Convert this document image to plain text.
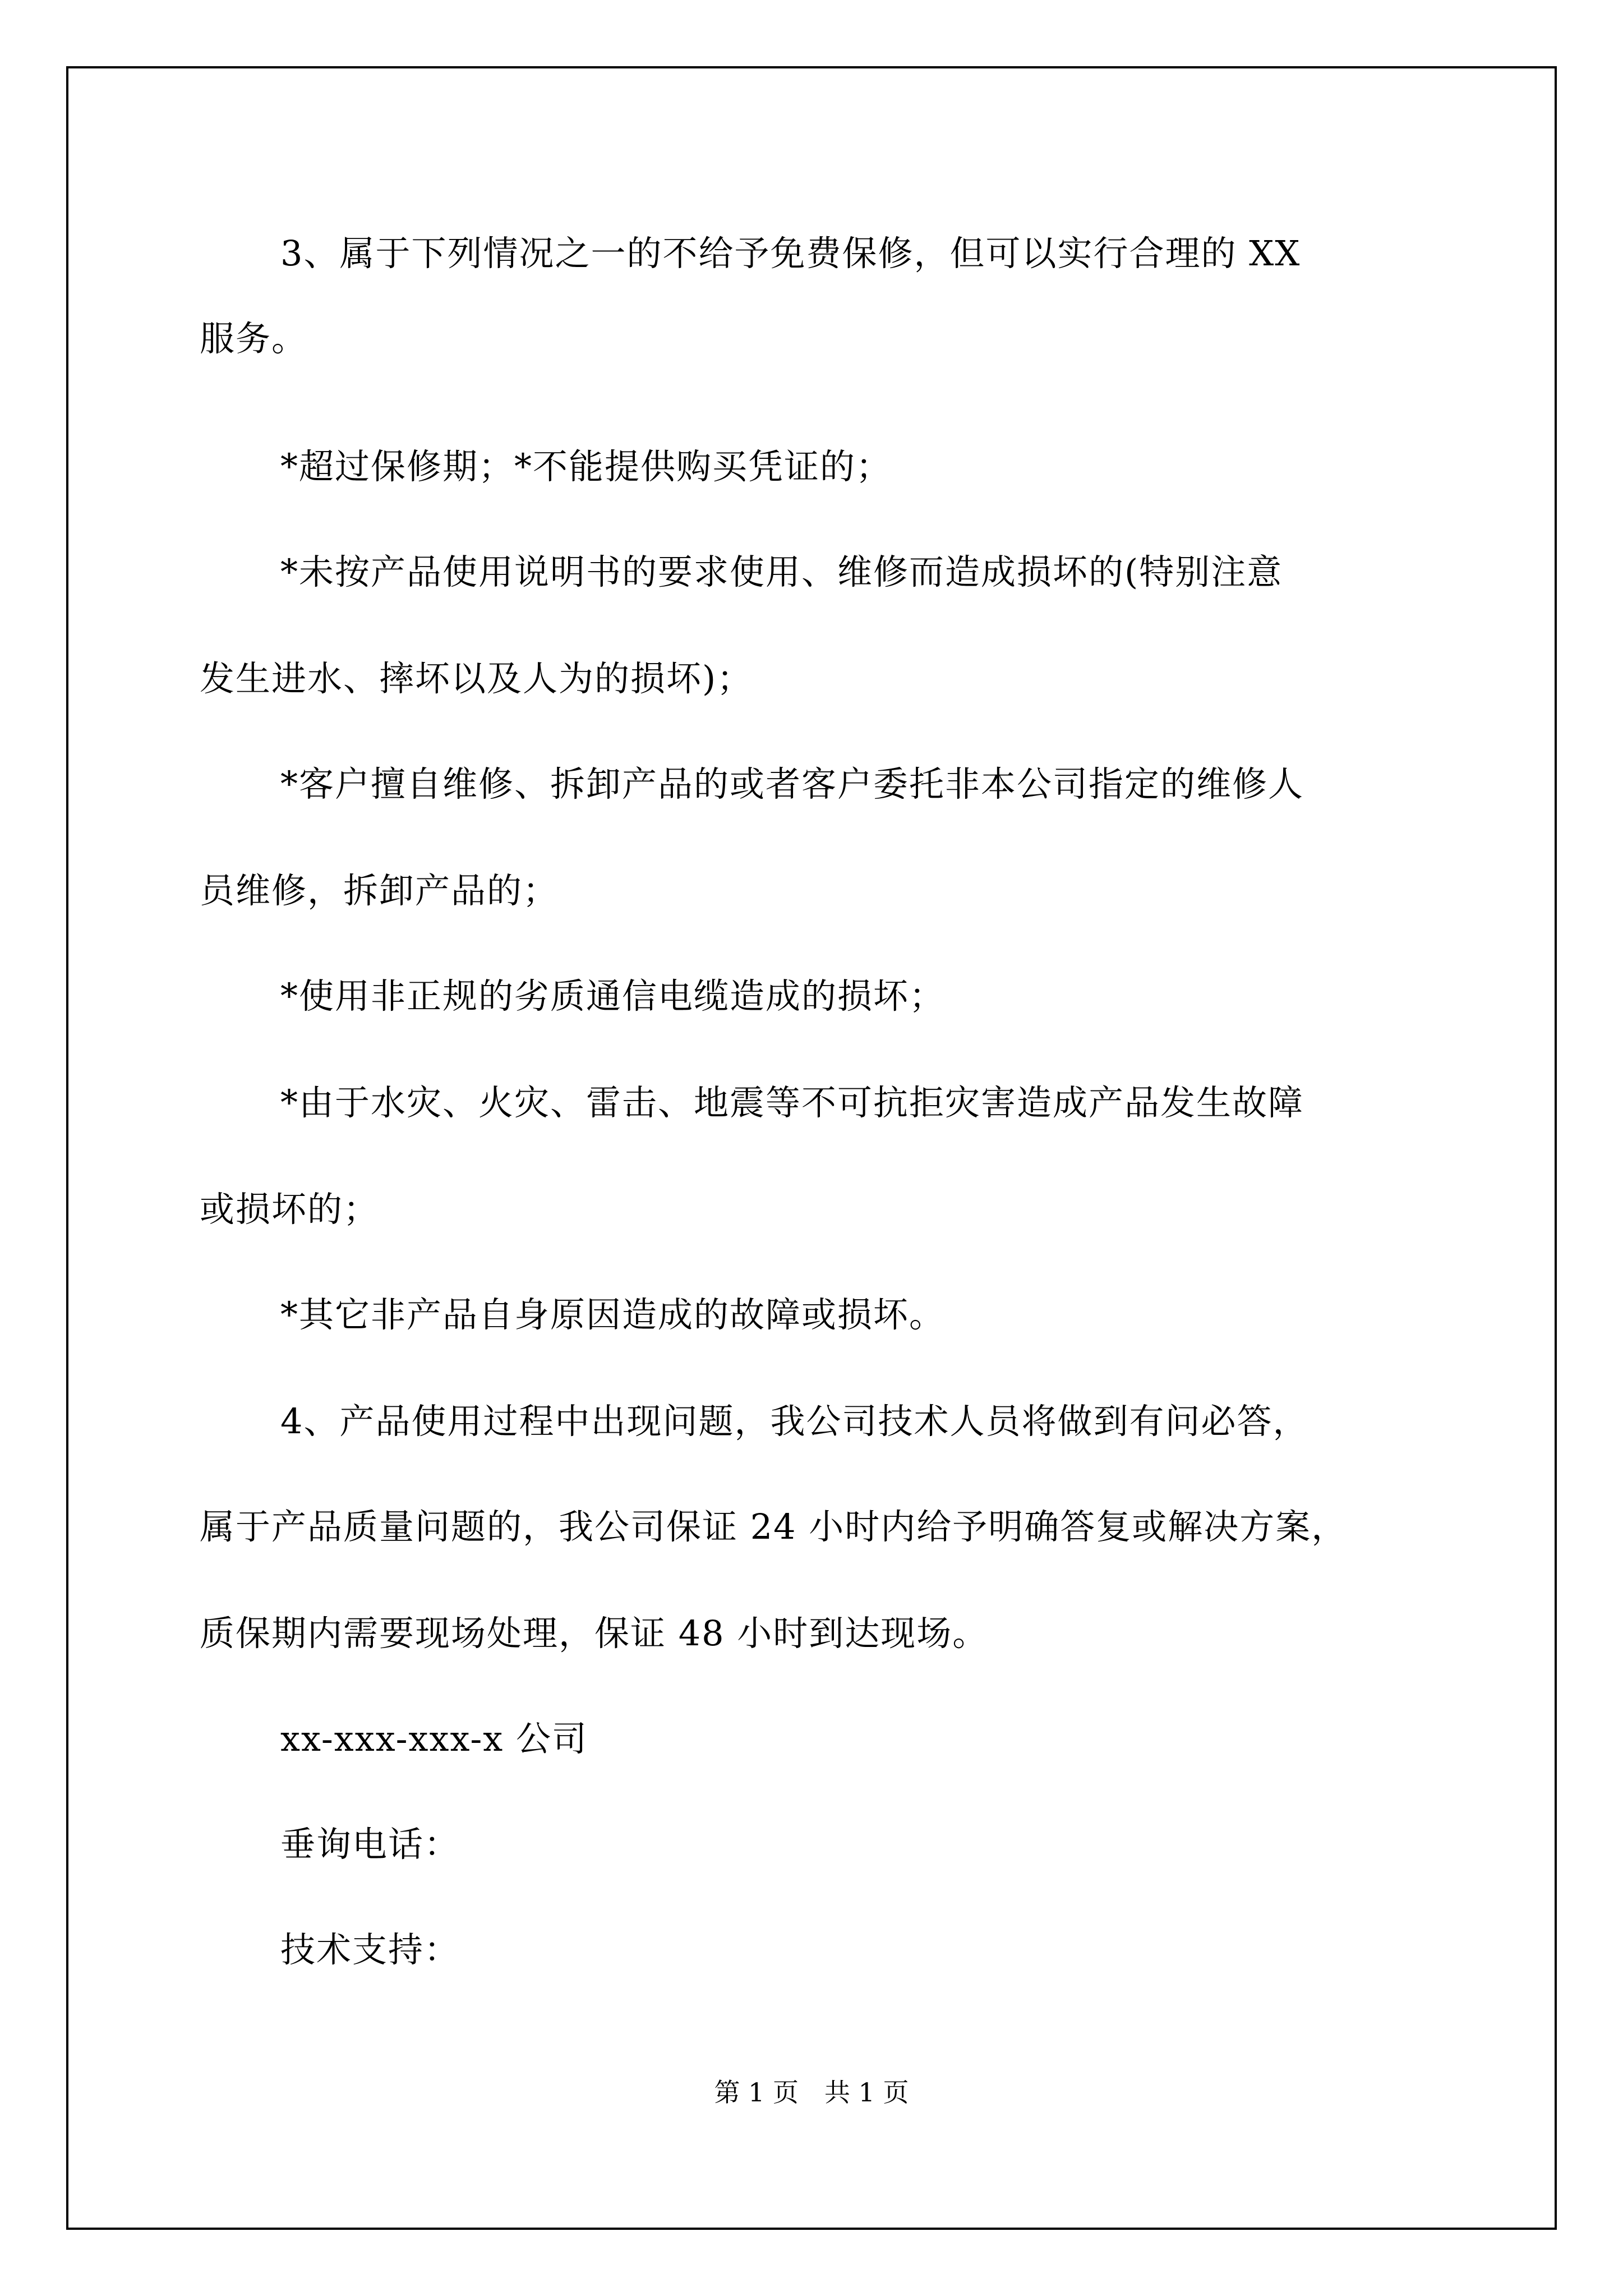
3、属于下列情况之一的不给予免费保修，但可以实行合理的 XX
服务。
*超过保修期；*不能提供购买凭证的；
*未按产品使用说明书的要求使用、维修而造成损坏的(特别注意
发生进水、摔坏以及人为的损坏)；
*客户擅自维修、拆卸产品的或者客户委托非本公司指定的维修人
员维修，拆卸产品的；
*使用非正规的劣质通信电缆造成的损坏；
*由于水灾、火灾、雷击、地震等不可抗拒灾害造成产品发生故障
或损坏的；
*其它非产品自身原因造成的故障或损坏。
4、产品使用过程中出现问题，我公司技术人员将做到有问必答，
属于产品质量问题的，我公司保证 24 小时内给予明确答复或解决方案，
质保期内需要现场处理，保证 48 小时到达现场。
xx-xxx-xxx-x 公司
垂询电话：
技术支持：
第 1 页　共 1 页
